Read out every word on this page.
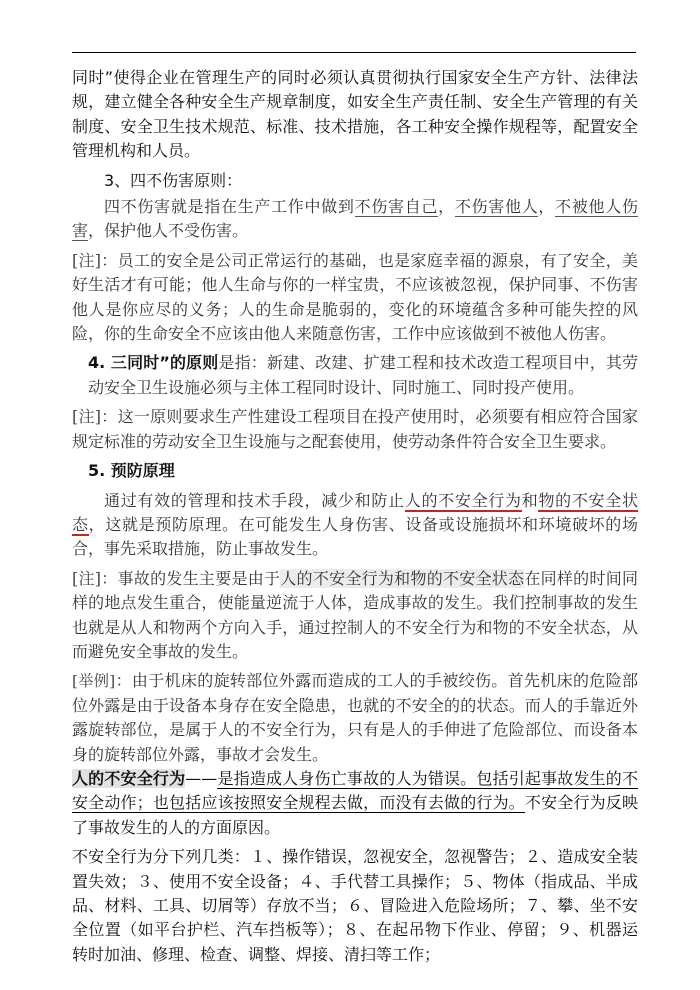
同时”使得企业在管理生产的同时必须认真贯彻执行国家安全生产方针、法律法规，建立健全各种安全生产规章制度，如安全生产责任制、安全生产管理的有关制度、安全卫生技术规范、标准、技术措施，各工种安全操作规程等，配置安全管理机构和人员。

3、四不伤害原则：

四不伤害就是指在生产工作中做到不伤害自己，不伤害他人，不被他人伤害，保护他人不受伤害。

[注]：员工的安全是公司正常运行的基础，也是家庭幸福的源泉，有了安全，美好生活才有可能；他人生命与你的一样宝贵，不应该被忽视，保护同事、不伤害他人是你应尽的义务；人的生命是脆弱的，变化的环境蕴含多种可能失控的风险，你的生命安全不应该由他人来随意伤害，工作中应该做到不被他人伤害。

4. 三同时”的原则是指：新建、改建、扩建工程和技术改造工程项目中，其劳动安全卫生设施必须与主体工程同时设计、同时施工、同时投产使用。

[注]：这一原则要求生产性建设工程项目在投产使用时，必须要有相应符合国家规定标准的劳动安全卫生设施与之配套使用，使劳动条件符合安全卫生要求。

5. 预防原理

通过有效的管理和技术手段，减少和防止人的不安全行为和物的不安全状态，这就是预防原理。在可能发生人身伤害、设备或设施损坏和环境破坏的场合，事先采取措施，防止事故发生。

[注]：事故的发生主要是由于人的不安全行为和物的不安全状态在同样的时间同样的地点发生重合，使能量逆流于人体，造成事故的发生。我们控制事故的发生也就是从人和物两个方向入手，通过控制人的不安全行为和物的不安全状态，从而避免安全事故的发生。

[举例]：由于机床的旋转部位外露而造成的工人的手被绞伤。首先机床的危险部位外露是由于设备本身存在安全隐患，也就的不安全的的状态。而人的手靠近外露旋转部位，是属于人的不安全行为，只有是人的手伸进了危险部位、而设备本身的旋转部位外露，事故才会发生。

人的不安全行为——是指造成人身伤亡事故的人为错误。包括引起事故发生的不安全动作；也包括应该按照安全规程去做，而没有去做的行为。不安全行为反映了事故发生的人的方面原因。

不安全行为分下列几类：１、操作错误，忽视安全，忽视警告；２、造成安全装置失效；３、使用不安全设备；４、手代替工具操作；５、物体（指成品、半成品、材料、工具、切屑等）存放不当；６、冒险进入危险场所；７、攀、坐不安全位置（如平台护栏、汽车挡板等）；８、在起吊物下作业、停留；９、机器运转时加油、修理、检查、调整、焊接、清扫等工作；
